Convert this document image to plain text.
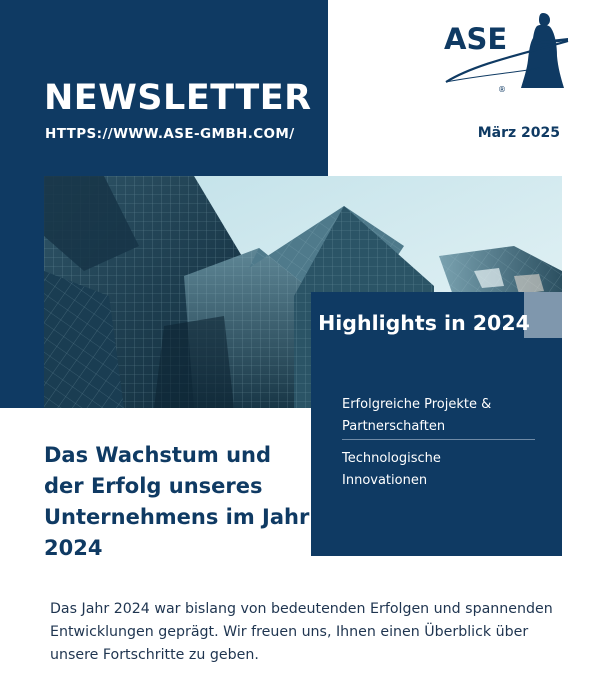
NEWSLETTER
HTTPS://WWW.ASE-GMBH.COM/	März 2025
ASE
®
Highlights in 2024
Erfolgreiche Projekte & Partnerschaften
Technologische Innovationen
Das Wachstum und der Erfolg unseres Unternehmens im Jahr 2024

Das Jahr 2024 war bislang von bedeutenden Erfolgen und spannenden Entwicklungen geprägt. Wir freuen uns, Ihnen einen Überblick über unsere Fortschritte zu geben.
